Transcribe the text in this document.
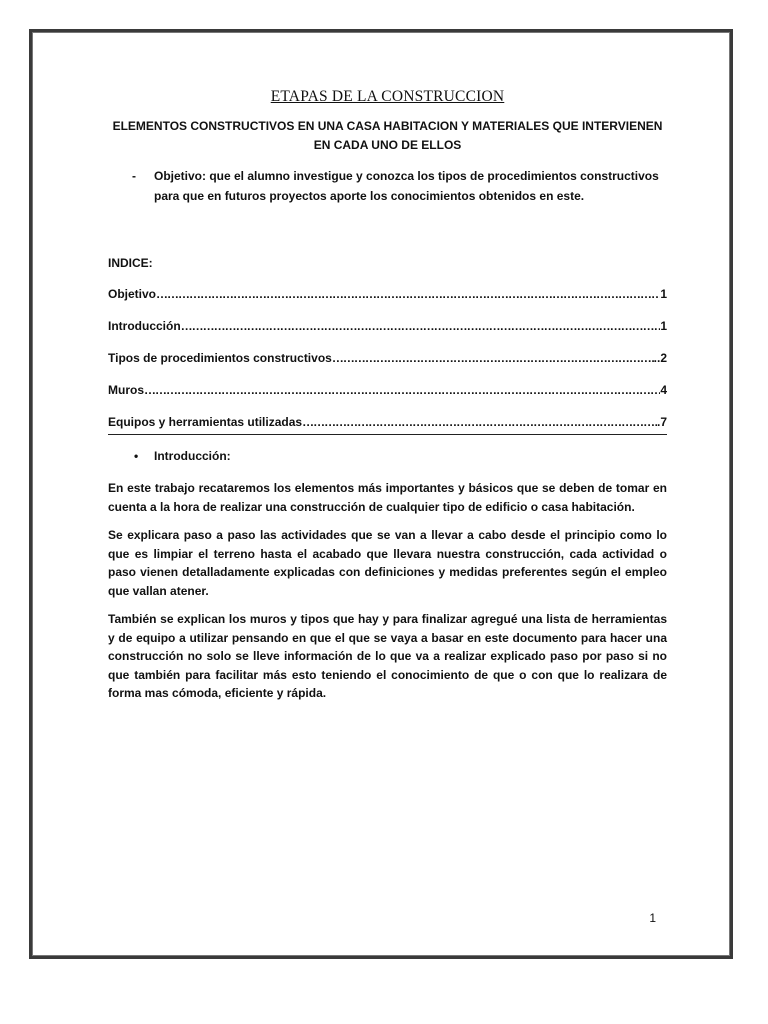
ETAPAS DE LA CONSTRUCCION
ELEMENTOS CONSTRUCTIVOS EN UNA CASA HABITACION Y MATERIALES QUE INTERVIENEN EN CADA UNO DE ELLOS
- Objetivo: que el alumno investigue y conozca los tipos de procedimientos constructivos para que en futuros proyectos aporte los conocimientos obtenidos en este.
INDICE:
Objetivo ………………………………………………………………………………………………………………………………………………………………………………	1
Introducción ………………………………………………………………………………………………………………………………………………………………………………	1
Tipos de procedimientos constructivos ………………………………………………………………………………………………………………………………………………………………………………	..2
Muros ………………………………………………………………………………………………………………………………………………………………………………	4
Equipos y herramientas utilizadas ………………………………………………………………………………………………………………………………………………………………………………	.7
• Introducción:

En este trabajo recataremos los elementos más importantes y básicos que se deben de tomar en cuenta a la hora de realizar una construcción de cualquier tipo de edificio o casa habitación.

Se explicara paso a paso las actividades que se van a llevar a cabo desde el principio como lo que es limpiar el terreno hasta el acabado que llevara nuestra construcción, cada actividad o paso vienen detalladamente explicadas con definiciones y medidas preferentes según el empleo que vallan atener.

También se explican los muros y tipos que hay y para finalizar agregué una lista de herramientas y de equipo a utilizar pensando en que el que se vaya a basar en este documento para hacer una construcción no solo se lleve información de lo que va a realizar explicado paso por paso si no que también para facilitar más esto teniendo el conocimiento de que o con que lo realizara de forma mas cómoda, eficiente y rápida.

1
